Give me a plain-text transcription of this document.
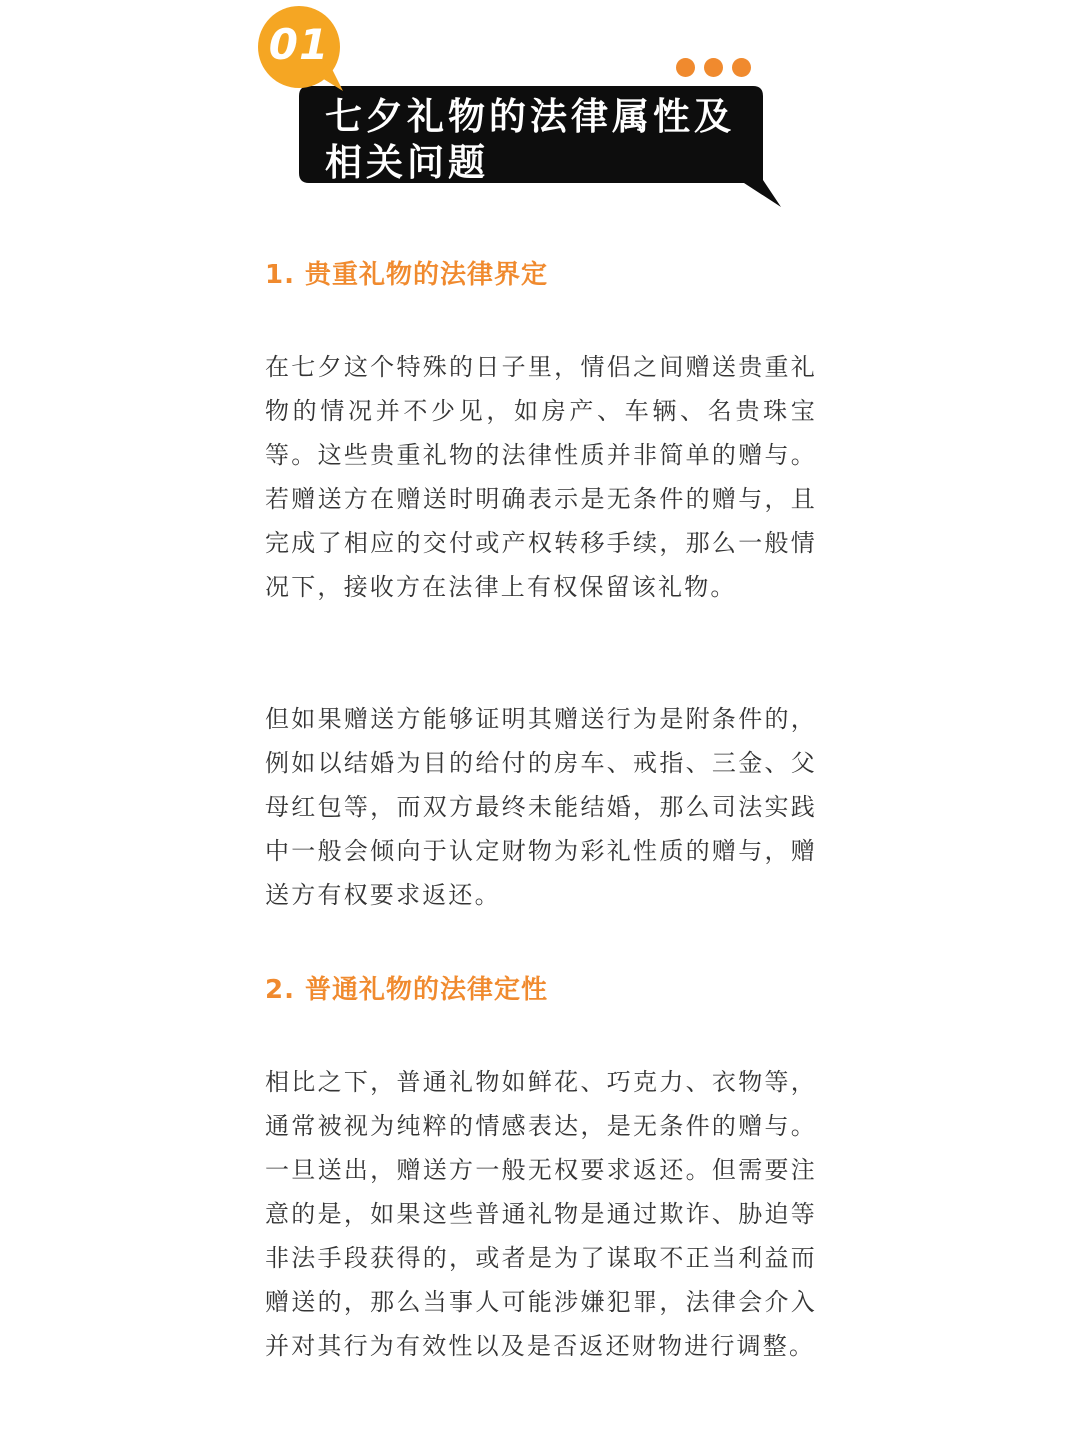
01
七夕礼物的法律属性及相关问题
1. 贵重礼物的法律界定

在七夕这个特殊的日子里，情侣之间赠送贵重礼物的情况并不少见，如房产、车辆、名贵珠宝等。这些贵重礼物的法律性质并非简单的赠与。若赠送方在赠送时明确表示是无条件的赠与，且完成了相应的交付或产权转移手续，那么一般情况下，接收方在法律上有权保留该礼物。

但如果赠送方能够证明其赠送行为是附条件的，例如以结婚为目的给付的房车、戒指、三金、父母红包等，而双方最终未能结婚，那么司法实践中一般会倾向于认定财物为彩礼性质的赠与，赠送方有权要求返还。

2. 普通礼物的法律定性

相比之下，普通礼物如鲜花、巧克力、衣物等，通常被视为纯粹的情感表达，是无条件的赠与。一旦送出，赠送方一般无权要求返还。但需要注意的是，如果这些普通礼物是通过欺诈、胁迫等非法手段获得的，或者是为了谋取不正当利益而赠送的，那么当事人可能涉嫌犯罪，法律会介入并对其行为有效性以及是否返还财物进行调整。
